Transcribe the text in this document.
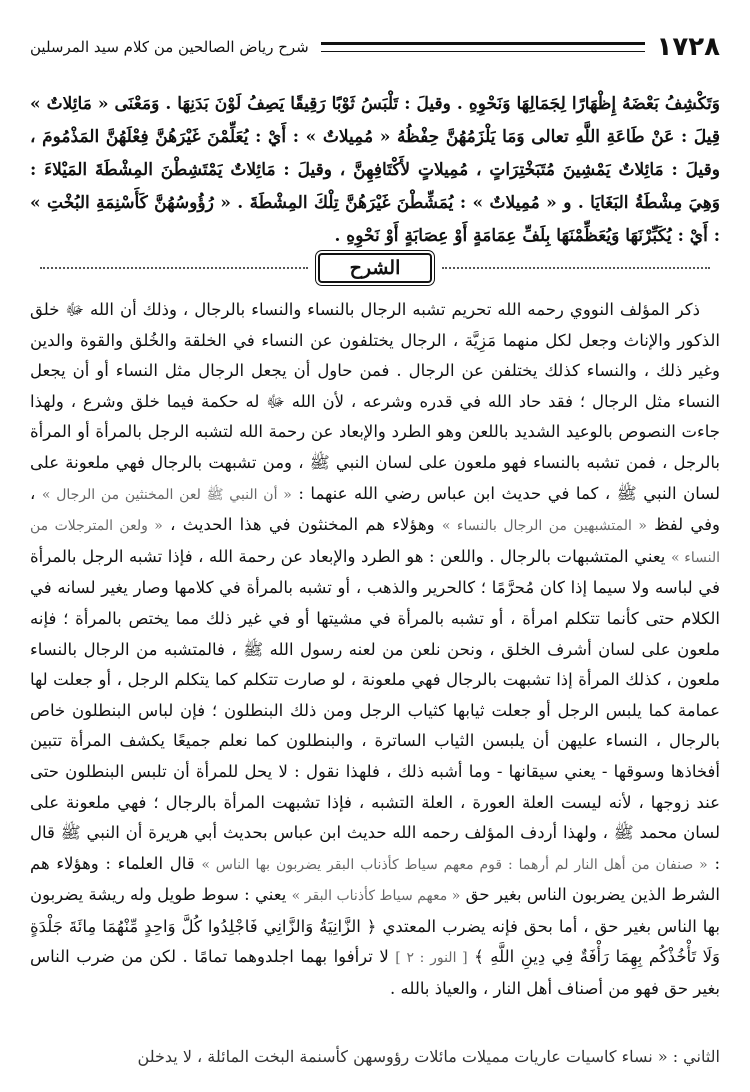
١٧٢٨
شرح رياض الصالحين من كلام سيد المرسلين
وَتَكْشِفُ بَعْضَهُ إِظْهَارًا لِجَمَالِهَا وَنَحْوِهِ . وقيلَ : تَلْبَسُ ثَوْبًا رَقِيقًا يَصِفُ لَوْنَ بَدَنِهَا . وَمَعْنَى « مَائِلاتٌ » قِيلَ : عَنْ طَاعَةِ اللَّهِ تعالى وَمَا يَلْزَمُهُنَّ حِفْظُهُ « مُمِيلاتٌ » : أَيْ : يُعَلِّمْنَ غَيْرَهُنَّ فِعْلَهُنَّ المَذْمُومَ ، وقيلَ : مَائِلاتٌ يَمْشِينَ مُتَبَخْتِرَاتٍ ، مُمِيلاتٍ لأَكْتَافِهِنَّ ، وقيلَ : مَائِلاتٌ يَمْتَشِطْنَ المِشْطَةَ المَيْلاءَ : وَهِيَ مِشْطَةُ البَغَايَا . و « مُمِيلاتٌ » : يُمَشِّطْنَ غَيْرَهُنَّ تِلْكَ المِشْطَةَ . « رُؤُوسُهُنَّ كَأَسْنِمَةِ البُخْتِ » : أَيْ : يُكَبِّرْنَهَا وَيُعَظِّمْنَهَا بِلَفِّ عِمَامَةٍ أَوْ عِصَابَةٍ أَوْ نَحْوِهِ .
الشرح

ذكر المؤلف النووي رحمه الله تحريم تشبه الرجال بالنساء والنساء بالرجال ، وذلك أن الله ﷻ خلق الذكور والإناث وجعل لكل منهما مَزِيَّة ، الرجال يختلفون عن النساء في الخلقة والخُلق والقوة والدين وغير ذلك ، والنساء كذلك يختلفن عن الرجال . فمن حاول أن يجعل الرجال مثل النساء أو أن يجعل النساء مثل الرجال ؛ فقد حاد الله في قدره وشرعه ، لأن الله ﷻ له حكمة فيما خلق وشرع ، ولهذا جاءت النصوص بالوعيد الشديد باللعن وهو الطرد والإبعاد عن رحمة الله لتشبه الرجل بالمرأة أو المرأة بالرجل ، فمن تشبه بالنساء فهو ملعون على لسان النبي ﷺ ، ومن تشبهت بالرجال فهي ملعونة على لسان النبي ﷺ ، كما في حديث ابن عباس رضي الله عنهما : « أن النبي ﷺ لعن المخنثين من الرجال » ، وفي لفظ « المتشبهين من الرجال بالنساء » وهؤلاء هم المخنثون في هذا الحديث ، « ولعن المترجلات من النساء » يعني المتشبهات بالرجال . واللعن : هو الطرد والإبعاد عن رحمة الله ، فإذا تشبه الرجل بالمرأة في لباسه ولا سيما إذا كان مُحرَّمًا ؛ كالحرير والذهب ، أو تشبه بالمرأة في كلامها وصار يغير لسانه في الكلام حتى كأنما تتكلم امرأة ، أو تشبه بالمرأة في مشيتها أو في غير ذلك مما يختص بالمرأة ؛ فإنه ملعون على لسان أشرف الخلق ، ونحن نلعن من لعنه رسول الله ﷺ ، فالمتشبه من الرجال بالنساء ملعون ، كذلك المرأة إذا تشبهت بالرجال فهي ملعونة ، لو صارت تتكلم كما يتكلم الرجل ، أو جعلت لها عمامة كما يلبس الرجل أو جعلت ثيابها كثياب الرجل ومن ذلك البنطلون ؛ فإن لباس البنطلون خاص بالرجال ، النساء عليهن أن يلبسن الثياب الساترة ، والبنطلون كما نعلم جميعًا يكشف المرأة تتبين أفخاذها وسوقها - يعني سيقانها - وما أشبه ذلك ، فلهذا نقول : لا يحل للمرأة أن تلبس البنطلون حتى عند زوجها ، لأنه ليست العلة العورة ، العلة التشبه ، فإذا تشبهت المرأة بالرجال ؛ فهي ملعونة على لسان محمد ﷺ ، ولهذا أردف المؤلف رحمه الله حديث ابن عباس بحديث أبي هريرة أن النبي ﷺ قال : « صنفان من أهل النار لم أرهما : قوم معهم سياط كأذناب البقر يضربون بها الناس » قال العلماء : وهؤلاء هم الشرط الذين يضربون الناس بغير حق « معهم سياط كأذناب البقر » يعني : سوط طويل وله ريشة يضربون بها الناس بغير حق ، أما بحق فإنه يضرب المعتدي ﴿ الزَّانِيَةُ وَالزَّانِي فَاجْلِدُوا كُلَّ وَاحِدٍ مِّنْهُمَا مِائَةَ جَلْدَةٍ وَلَا تَأْخُذْكُم بِهِمَا رَأْفَةٌ فِي دِينِ اللَّهِ ﴾ [ النور : ٢ ] لا ترأفوا بهما اجلدوهما تمامًا . لكن من ضرب الناس بغير حق فهو من أصناف أهل النار ، والعياذ بالله .

الثاني : « نساء كاسيات عاريات مميلات مائلات رؤوسهن كأسنمة البخت المائلة ، لا يدخلن
